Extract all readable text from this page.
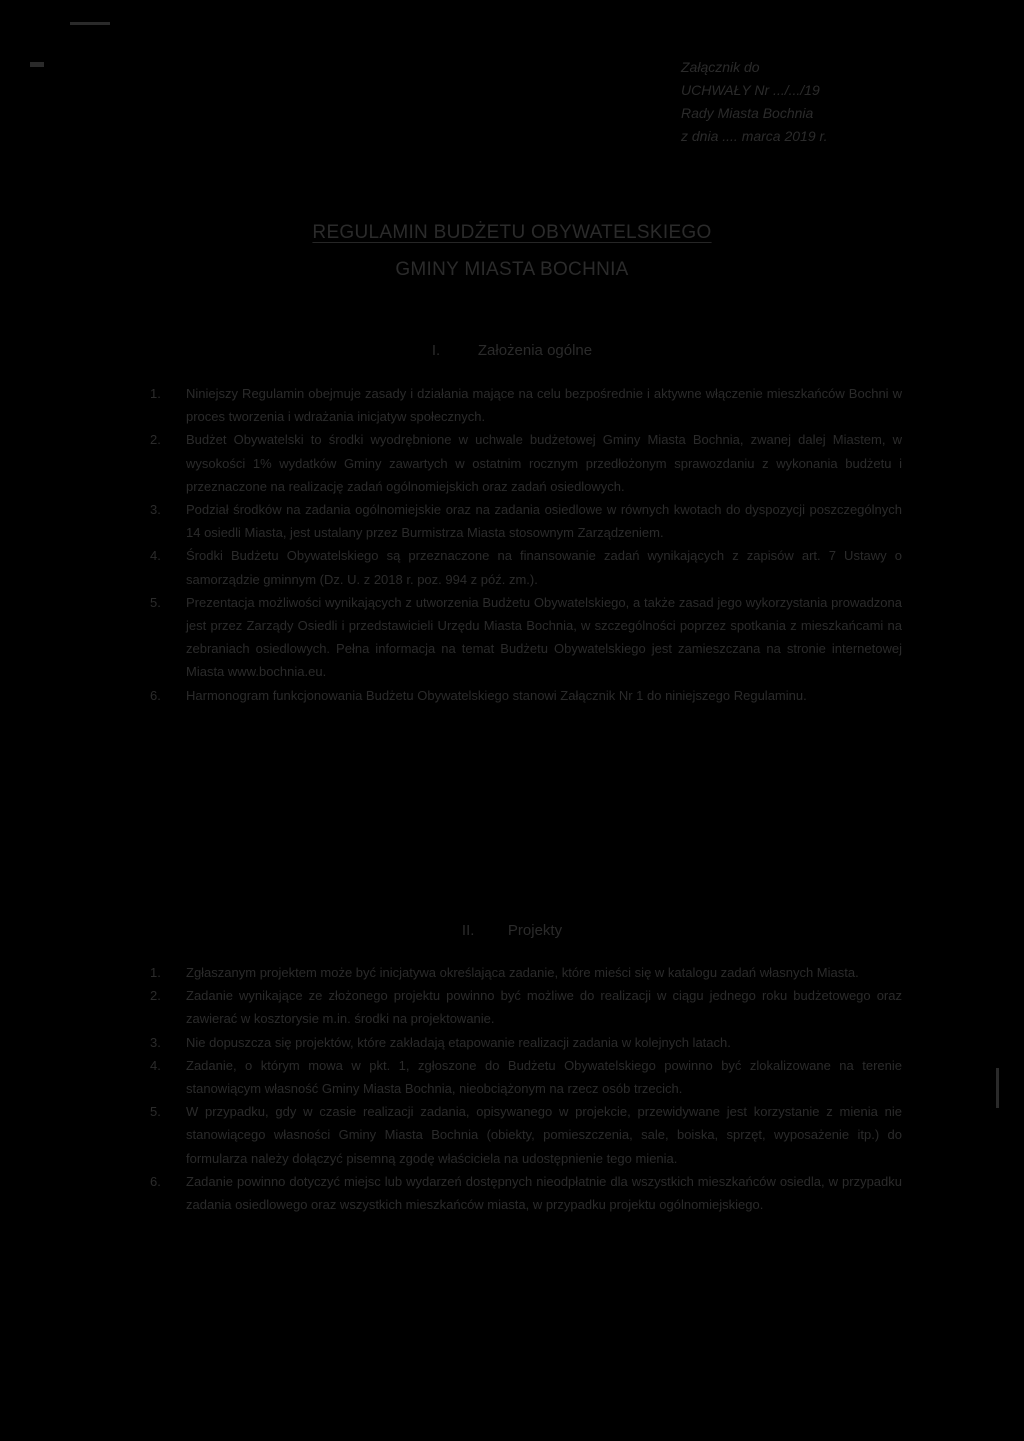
Załącznik do
UCHWAŁY Nr .../.../19
Rady Miasta Bochnia
z dnia .... marca 2019 r.
REGULAMIN BUDŻETU OBYWATELSKIEGO
GMINY MIASTA BOCHNIA
I.	Założenia ogólne
1. Niniejszy Regulamin obejmuje zasady i działania mające na celu bezpośrednie i aktywne włączenie mieszkańców Bochni w proces tworzenia i wdrażania inicjatyw społecznych.
2. Budżet Obywatelski to środki wyodrębnione w uchwale budżetowej Gminy Miasta Bochnia, zwanej dalej Miastem, w wysokości 1% wydatków Gminy zawartych w ostatnim rocznym przedłożonym sprawozdaniu z wykonania budżetu i przeznaczone na realizację zadań ogólnomiejskich oraz zadań osiedlowych.
3. Podział środków na zadania ogólnomiejskie oraz na zadania osiedlowe w równych kwotach do dyspozycji poszczególnych 14 osiedli Miasta, jest ustalany przez Burmistrza Miasta stosownym Zarządzeniem.
4. Środki Budżetu Obywatelskiego są przeznaczone na finansowanie zadań wynikających z zapisów art. 7 Ustawy o samorządzie gminnym (Dz. U. z 2018 r. poz. 994 z póź. zm.).
5. Prezentacja możliwości wynikających z utworzenia Budżetu Obywatelskiego, a także zasad jego wykorzystania prowadzona jest przez Zarządy Osiedli i przedstawicieli Urzędu Miasta Bochnia, w szczególności poprzez spotkania z mieszkańcami na zebraniach osiedlowych. Pełna informacja na temat Budżetu Obywatelskiego jest zamieszczana na stronie internetowej Miasta www.bochnia.eu.
6. Harmonogram funkcjonowania Budżetu Obywatelskiego stanowi Załącznik Nr 1 do niniejszego Regulaminu.
II. Projekty
1. Zgłaszanym projektem może być inicjatywa określająca zadanie, które mieści się w katalogu zadań własnych Miasta.
2. Zadanie wynikające ze złożonego projektu powinno być możliwe do realizacji w ciągu jednego roku budżetowego oraz zawierać w kosztorysie m.in. środki na projektowanie.
3. Nie dopuszcza się projektów, które zakładają etapowanie realizacji zadania w kolejnych latach.
4. Zadanie, o którym mowa w pkt. 1, zgłoszone do Budżetu Obywatelskiego powinno być zlokalizowane na terenie stanowiącym własność Gminy Miasta Bochnia, nieobciążonym na rzecz osób trzecich.
5. W przypadku, gdy w czasie realizacji zadania, opisywanego w projekcie, przewidywane jest korzystanie z mienia nie stanowiącego własności Gminy Miasta Bochnia (obiekty, pomieszczenia, sale, boiska, sprzęt, wyposażenie itp.) do formularza należy dołączyć pisemną zgodę właściciela na udostępnienie tego mienia.
6. Zadanie powinno dotyczyć miejsc lub wydarzeń dostępnych nieodpłatnie dla wszystkich mieszkańców osiedla, w przypadku zadania osiedlowego oraz wszystkich mieszkańców miasta, w przypadku projektu ogólnomiejskiego.
